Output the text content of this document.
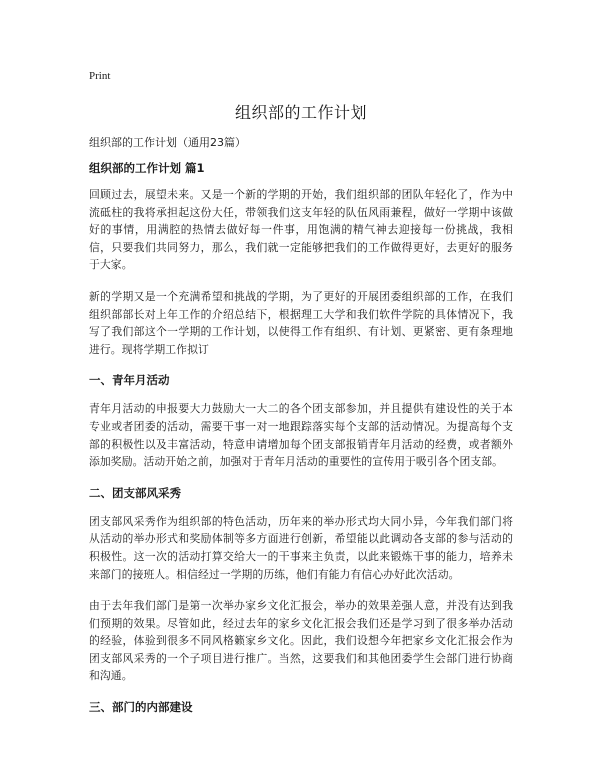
Print
组织部的工作计划

组织部的工作计划（通用23篇）

组织部的工作计划 篇1

回顾过去，展望未来。又是一个新的学期的开始，我们组织部的团队年轻化了，作为中流砥柱的我将承担起这份大任，带领我们这支年轻的队伍风雨兼程，做好一学期中该做好的事情，用满腔的热情去做好每一件事，用饱满的精气神去迎接每一份挑战，我相信，只要我们共同努力，那么，我们就一定能够把我们的工作做得更好，去更好的服务于大家。

新的学期又是一个充满希望和挑战的学期，为了更好的开展团委组织部的工作，在我们组织部部长对上年工作的介绍总结下，根据理工大学和我们软件学院的具体情况下，我写了我们部这个一学期的工作计划，以使得工作有组织、有计划、更紧密、更有条理地进行。现将学期工作拟订

一、青年月活动

青年月活动的申报要大力鼓励大一大二的各个团支部参加，并且提供有建设性的关于本专业或者团委的活动，需要干事一对一地跟踪落实每个支部的活动情况。为提高每个支部的积极性以及丰富活动，特意申请增加每个团支部报销青年月活动的经费，或者额外添加奖励。活动开始之前，加强对于青年月活动的重要性的宣传用于吸引各个团支部。

二、团支部风采秀

团支部风采秀作为组织部的特色活动，历年来的举办形式均大同小异，今年我们部门将从活动的举办形式和奖励体制等多方面进行创新，希望能以此调动各支部的参与活动的积极性。这一次的活动打算交给大一的干事来主负责，以此来锻炼干事的能力，培养未来部门的接班人。相信经过一学期的历练，他们有能力有信心办好此次活动。

由于去年我们部门是第一次举办家乡文化汇报会，举办的效果差强人意，并没有达到我们预期的效果。尽管如此，经过去年的家乡文化汇报会我们还是学习到了很多举办活动的经验，体验到很多不同风格籁家乡文化。因此，我们设想今年把家乡文化汇报会作为团支部风采秀的一个子项目进行推广。当然，这要我们和其他团委学生会部门进行协商和沟通。

三、部门的内部建设
